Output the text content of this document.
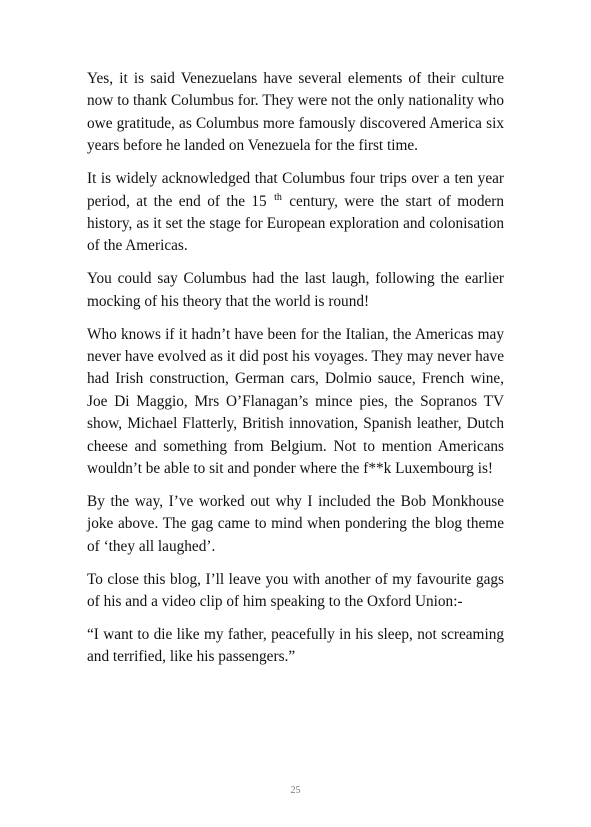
Yes, it is said Venezuelans have several elements of their culture now to thank Columbus for. They were not the only nationality who owe gratitude, as Columbus more famously discovered America six years before he landed on Venezuela for the first time.

It is widely acknowledged that Columbus four trips over a ten year period, at the end of the 15 $^{th}$ century, were the start of modern history, as it set the stage for European exploration and colonisation of the Americas.

You could say Columbus had the last laugh, following the earlier mocking of his theory that the world is round!

Who knows if it hadn’t have been for the Italian, the Americas may never have evolved as it did post his voyages. They may never have had Irish construction, German cars, Dolmio sauce, French wine, Joe Di Maggio, Mrs O’Flanagan’s mince pies, the Sopranos TV show, Michael Flatterly, British innovation, Spanish leather, Dutch cheese and something from Belgium. Not to mention Americans wouldn’t be able to sit and ponder where the f**k Luxembourg is!

By the way, I’ve worked out why I included the Bob Monkhouse joke above. The gag came to mind when pondering the blog theme of ‘they all laughed’.

To close this blog, I’ll leave you with another of my favourite gags of his and a video clip of him speaking to the Oxford Union:-

“I want to die like my father, peacefully in his sleep, not screaming and terrified, like his passengers.”

25
